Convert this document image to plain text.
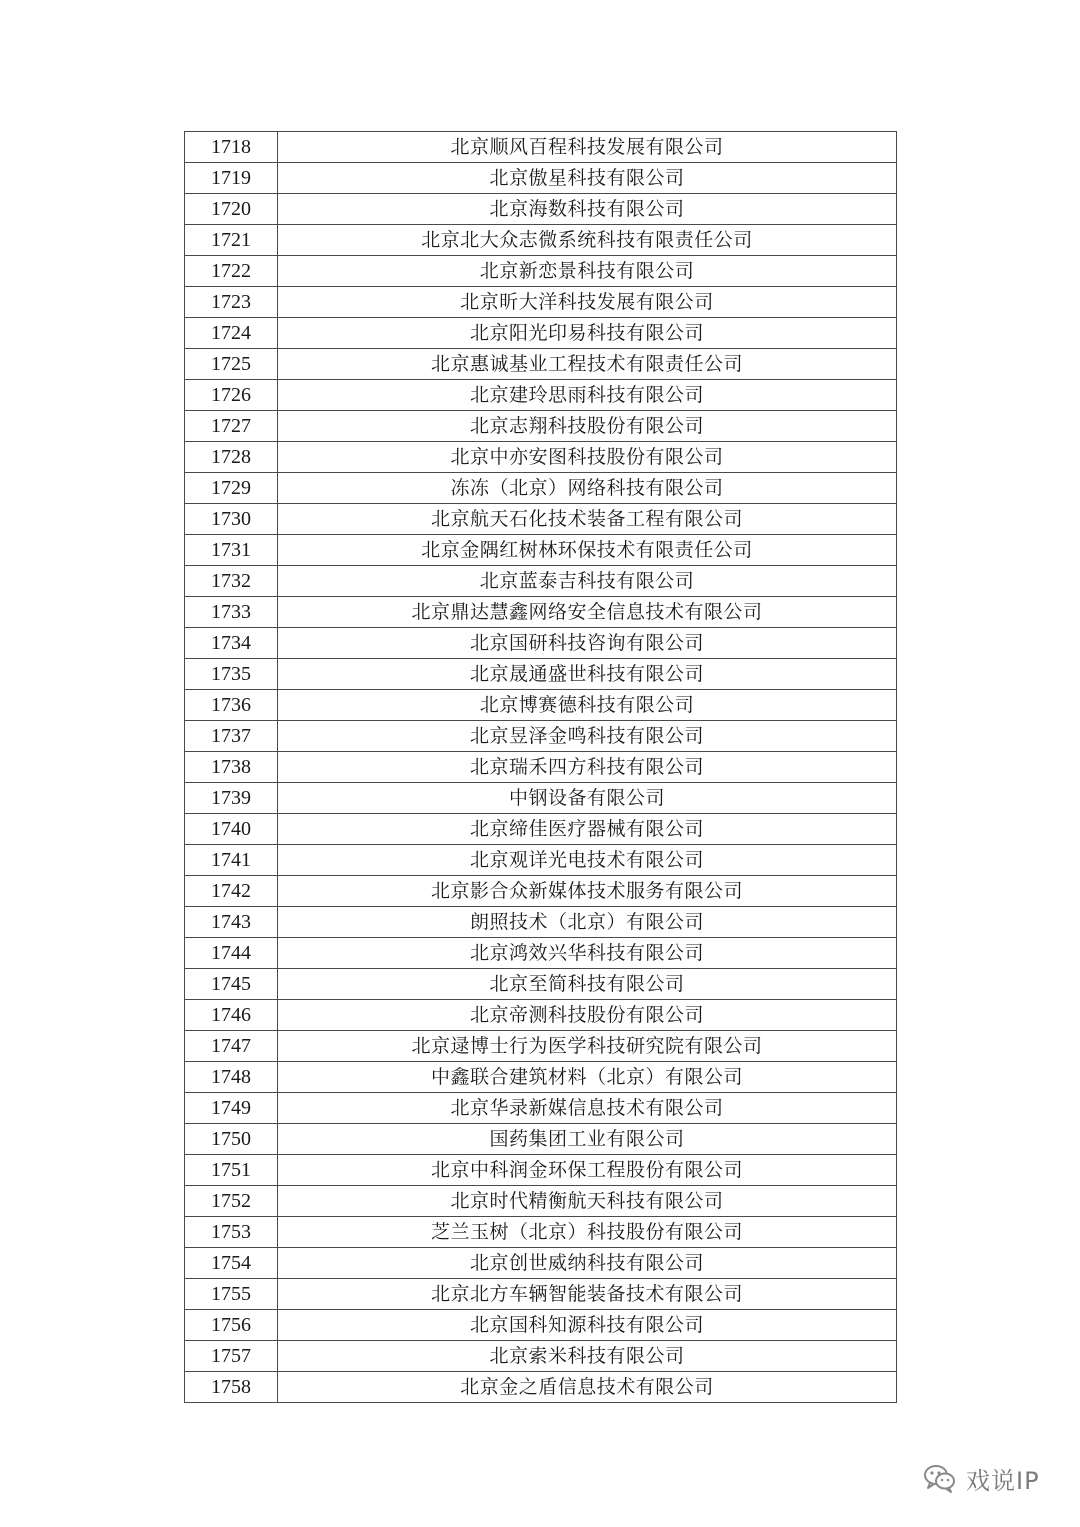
1718	北京顺风百程科技发展有限公司
1719	北京傲星科技有限公司
1720	北京海数科技有限公司
1721	北京北大众志微系统科技有限责任公司
1722	北京新恋景科技有限公司
1723	北京昕大洋科技发展有限公司
1724	北京阳光印易科技有限公司
1725	北京惠诚基业工程技术有限责任公司
1726	北京建玲思雨科技有限公司
1727	北京志翔科技股份有限公司
1728	北京中亦安图科技股份有限公司
1729	冻冻（北京）网络科技有限公司
1730	北京航天石化技术装备工程有限公司
1731	北京金隅红树林环保技术有限责任公司
1732	北京蓝泰吉科技有限公司
1733	北京鼎达慧鑫网络安全信息技术有限公司
1734	北京国研科技咨询有限公司
1735	北京晟通盛世科技有限公司
1736	北京博赛德科技有限公司
1737	北京昱泽金鸣科技有限公司
1738	北京瑞禾四方科技有限公司
1739	中钢设备有限公司
1740	北京缔佳医疗器械有限公司
1741	北京观详光电技术有限公司
1742	北京影合众新媒体技术服务有限公司
1743	朗照技术（北京）有限公司
1744	北京鸿效兴华科技有限公司
1745	北京至简科技有限公司
1746	北京帝测科技股份有限公司
1747	北京逯博士行为医学科技研究院有限公司
1748	中鑫联合建筑材料（北京）有限公司
1749	北京华录新媒信息技术有限公司
1750	国药集团工业有限公司
1751	北京中科润金环保工程股份有限公司
1752	北京时代精衡航天科技有限公司
1753	芝兰玉树（北京）科技股份有限公司
1754	北京创世威纳科技有限公司
1755	北京北方车辆智能装备技术有限公司
1756	北京国科知源科技有限公司
1757	北京索米科技有限公司
1758	北京金之盾信息技术有限公司
戏说IP
